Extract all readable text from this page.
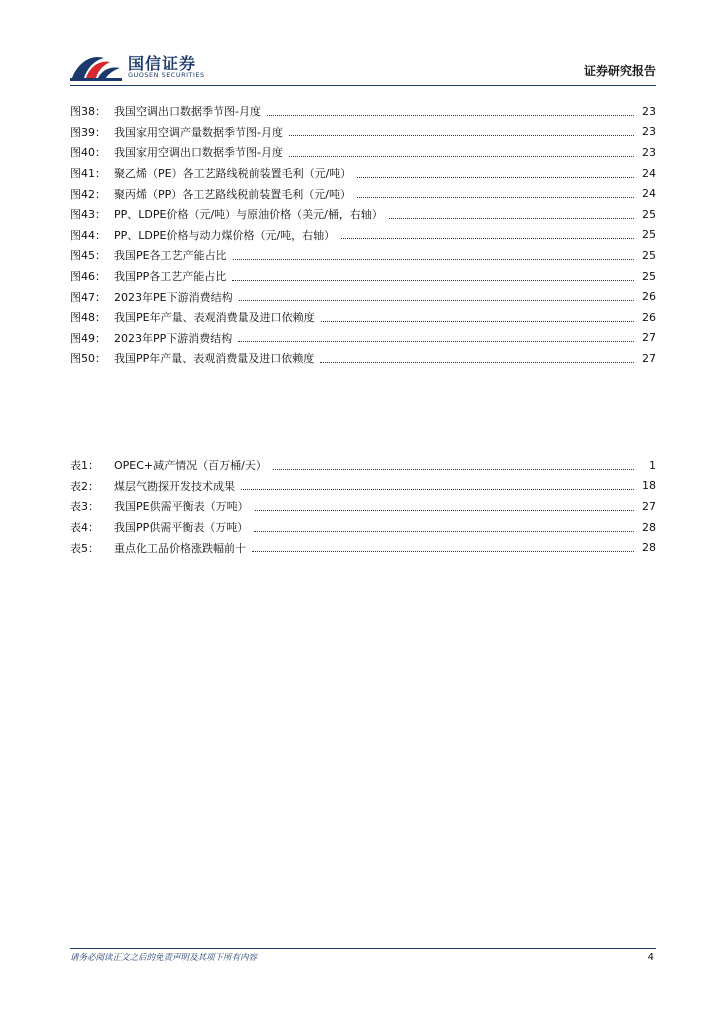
国信证券
GUOSEN SECURITIES	证券研究报告
图38： 我国空调出口数据季节图-月度	23
图39： 我国家用空调产量数据季节图-月度	23
图40： 我国家用空调出口数据季节图-月度	23
图41： 聚乙烯（PE）各工艺路线税前装置毛利（元/吨）	24
图42： 聚丙烯（PP）各工艺路线税前装置毛利（元/吨）	24
图43： PP、LDPE价格（元/吨）与原油价格（美元/桶，右轴）	25
图44： PP、LDPE价格与动力煤价格（元/吨，右轴）	25
图45： 我国PE各工艺产能占比	25
图46： 我国PP各工艺产能占比	25
图47： 2023年PE下游消费结构	26
图48： 我国PE年产量、表观消费量及进口依赖度	26
图49： 2023年PP下游消费结构	27
图50： 我国PP年产量、表观消费量及进口依赖度	27
表1：	OPEC+减产情况（百万桶/天）	1
表2：	煤层气勘探开发技术成果	18
表3：	我国PE供需平衡表（万吨）	27
表4：	我国PP供需平衡表（万吨）	28
表5：	重点化工品价格涨跌幅前十	28
请务必阅读正文之后的免责声明及其项下所有内容	4
